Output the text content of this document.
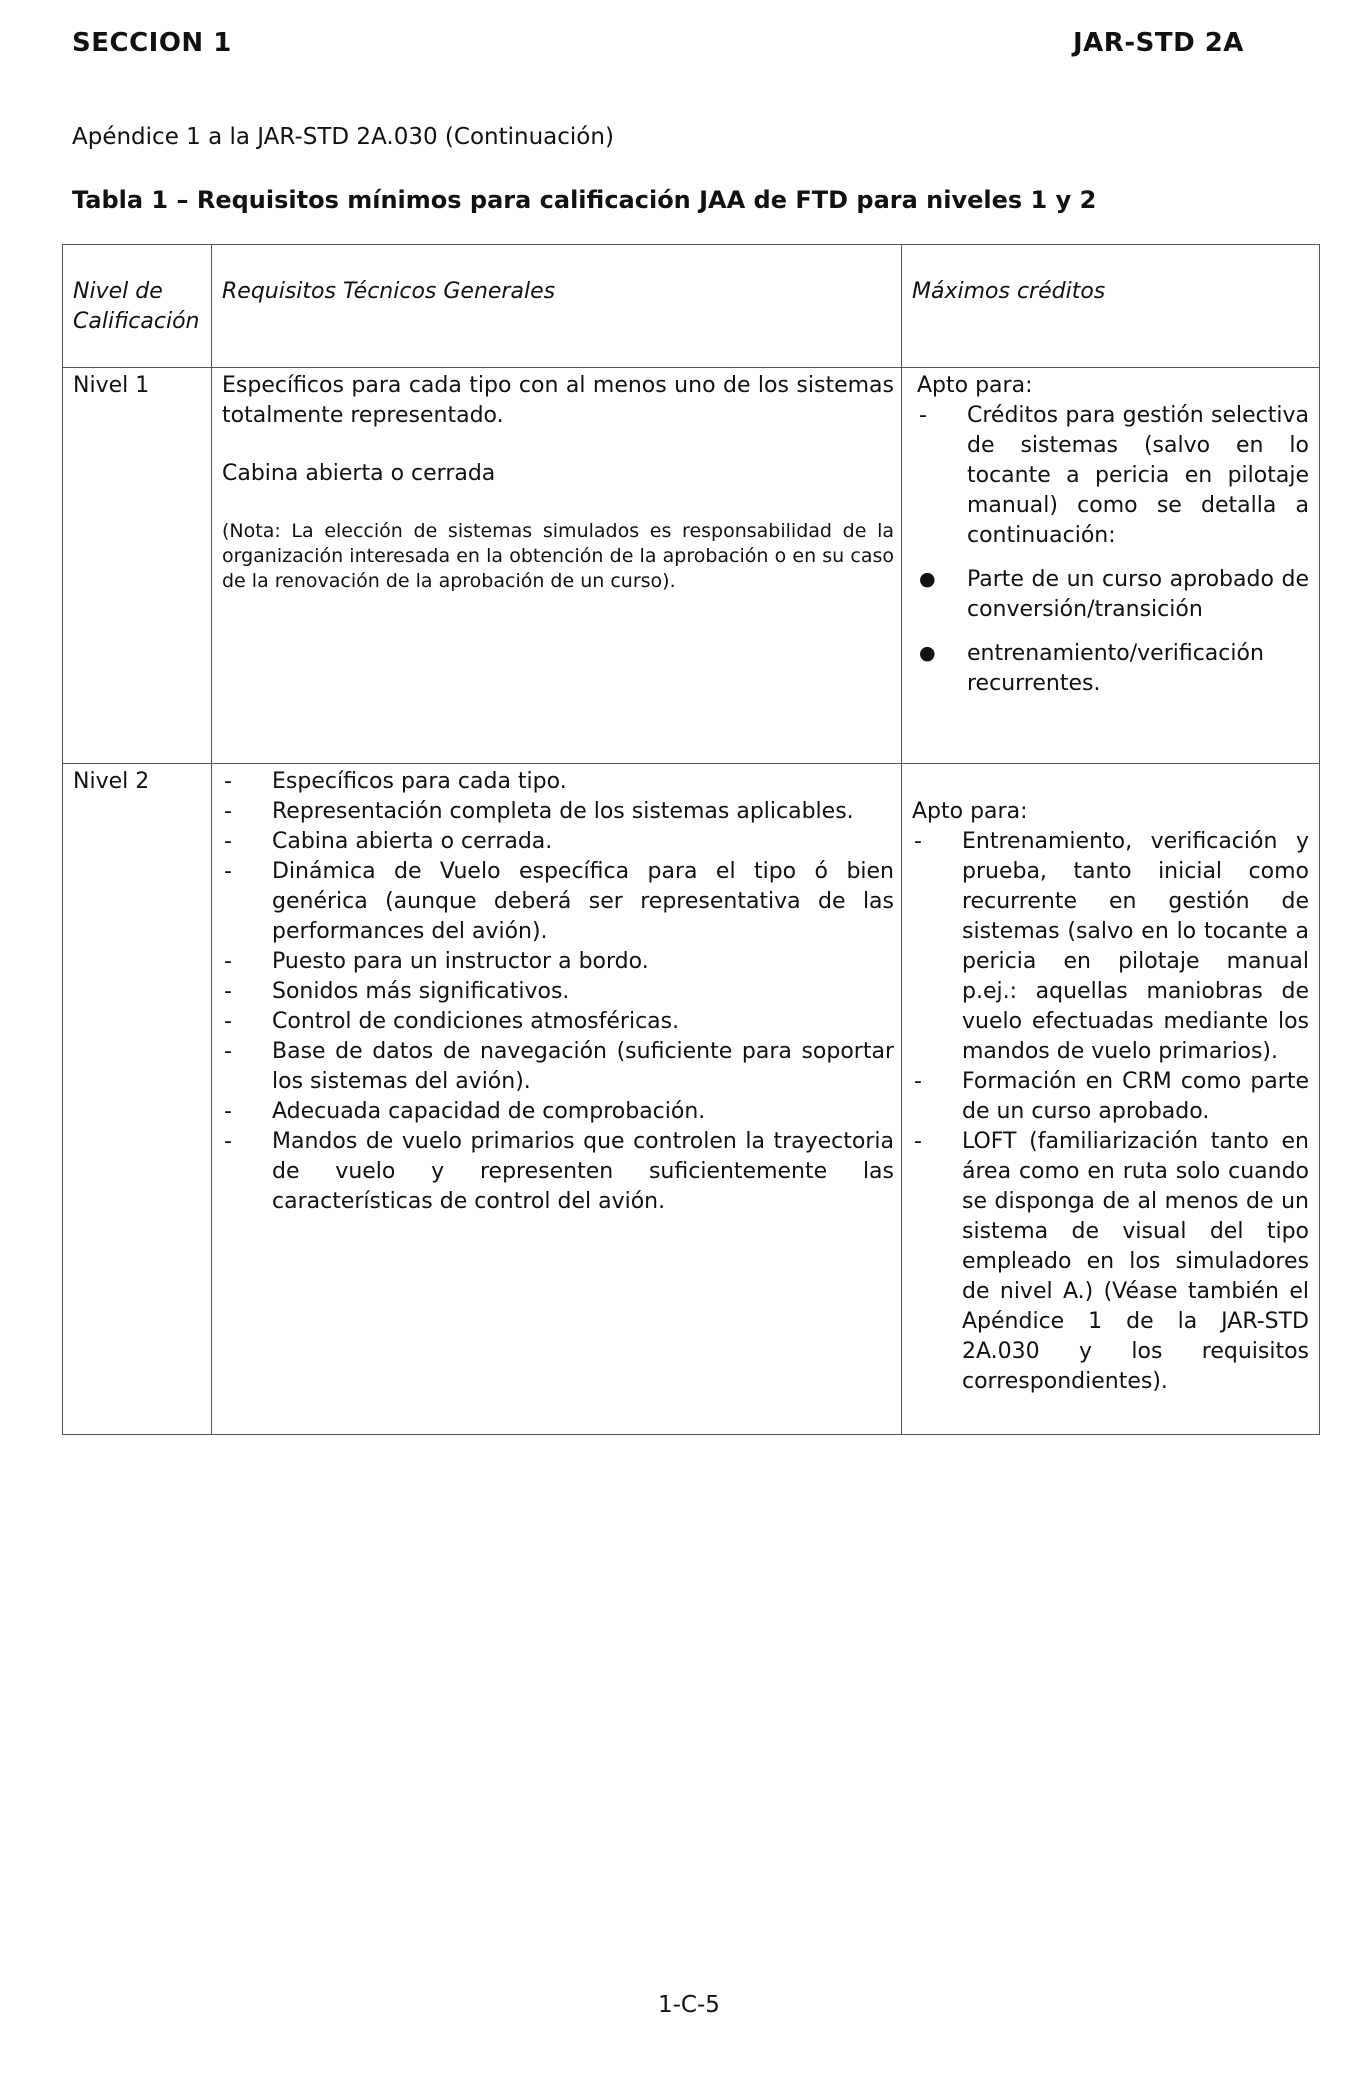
SECCION 1	JAR-STD 2A
Apéndice 1 a la JAR-STD 2A.030 (Continuación)
Tabla 1 – Requisitos mínimos para calificación JAA de FTD para niveles 1 y 2
Nivel de Calificación
Requisitos Técnicos Generales	Máximos créditos
Nivel 1	Específicos para cada tipo con al menos uno de los sistemas totalmente representado.
Cabina abierta o cerrada
(Nota: La elección de sistemas simulados es responsabilidad de la organización interesada en la obtención de la aprobación o en su caso de la renovación de la aprobación de un curso).
Apto para:
- Créditos para gestión selectiva de sistemas (salvo en lo tocante a pericia en pilotaje manual) como se detalla a continuación:
● Parte de un curso aprobado de conversión/transición
● entrenamiento/verificación recurrentes.
Nivel 2
-	Específicos para cada tipo.
- Representación completa de los sistemas aplicables.
- Cabina abierta o cerrada.
- Dinámica de Vuelo específica para el tipo ó bien genérica (aunque deberá ser representativa de las performances del avión).
- Puesto para un instructor a bordo.
- Sonidos más significativos.
- Control de condiciones atmosféricas.
- Base de datos de navegación (suficiente para soportar los sistemas del avión).
- Adecuada capacidad de comprobación.
- Mandos de vuelo primarios que controlen la trayectoria de vuelo y representen suficientemente las características de control del avión.
Apto para:
- Entrenamiento, verificación y prueba, tanto inicial como recurrente en gestión de sistemas (salvo en lo tocante a pericia en pilotaje manual p.ej.: aquellas maniobras de vuelo efectuadas mediante los mandos de vuelo primarios).
- Formación en CRM como parte de un curso aprobado.
- LOFT (familiarización tanto en área como en ruta solo cuando se disponga de al menos de un sistema de visual del tipo empleado en los simuladores de nivel A.) (Véase también el Apéndice 1 de la JAR-STD 2A.030 y los requisitos correspondientes).
1-C-5
